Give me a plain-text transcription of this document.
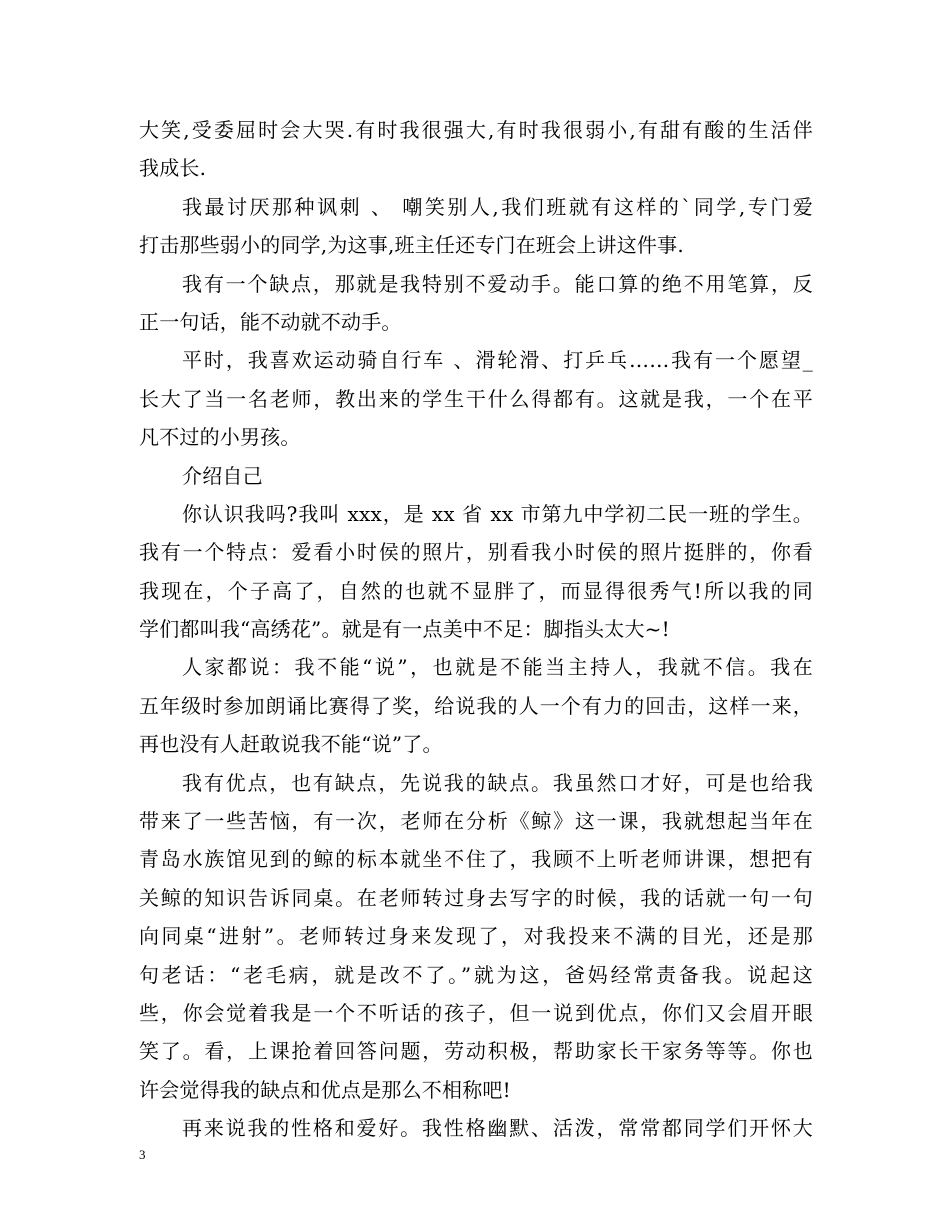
大笑,受委屈时会大哭.有时我很强大,有时我很弱小,有甜有酸的生活伴
我成长.
我最讨厌那种讽刺 、 嘲笑别人,我们班就有这样的`同学,专门爱
打击那些弱小的同学,为这事,班主任还专门在班会上讲这件事.
我有一个缺点，那就是我特别不爱动手。能口算的绝不用笔算，反
正一句话，能不动就不动手。
平时，我喜欢运动骑自行车 、滑轮滑、打乒乓……我有一个愿望_
长大了当一名老师，教出来的学生干什么得都有。这就是我，一个在平
凡不过的小男孩。
介绍自己
你认识我吗?我叫 xxx，是 xx 省 xx 市第九中学初二民一班的学生。
我有一个特点：爱看小时侯的照片，别看我小时侯的照片挺胖的，你看
我现在，个子高了，自然的也就不显胖了，而显得很秀气!所以我的同
学们都叫我“高绣花”。就是有一点美中不足：脚指头太大~!
人家都说：我不能“说”，也就是不能当主持人，我就不信。我在
五年级时参加朗诵比赛得了奖，给说我的人一个有力的回击，这样一来，
再也没有人赶敢说我不能“说”了。
我有优点，也有缺点，先说我的缺点。我虽然口才好，可是也给我
带来了一些苦恼，有一次，老师在分析《鲸》这一课，我就想起当年在
青岛水族馆见到的鲸的标本就坐不住了，我顾不上听老师讲课，想把有
关鲸的知识告诉同桌。在老师转过身去写字的时候，我的话就一句一句
向同桌“进射”。老师转过身来发现了，对我投来不满的目光，还是那
句老话：“老毛病，就是改不了。”就为这，爸妈经常责备我。说起这
些，你会觉着我是一个不听话的孩子，但一说到优点，你们又会眉开眼
笑了。看，上课抢着回答问题，劳动积极，帮助家长干家务等等。你也
许会觉得我的缺点和优点是那么不相称吧!
再来说我的性格和爱好。我性格幽默、活泼，常常都同学们开怀大
3
